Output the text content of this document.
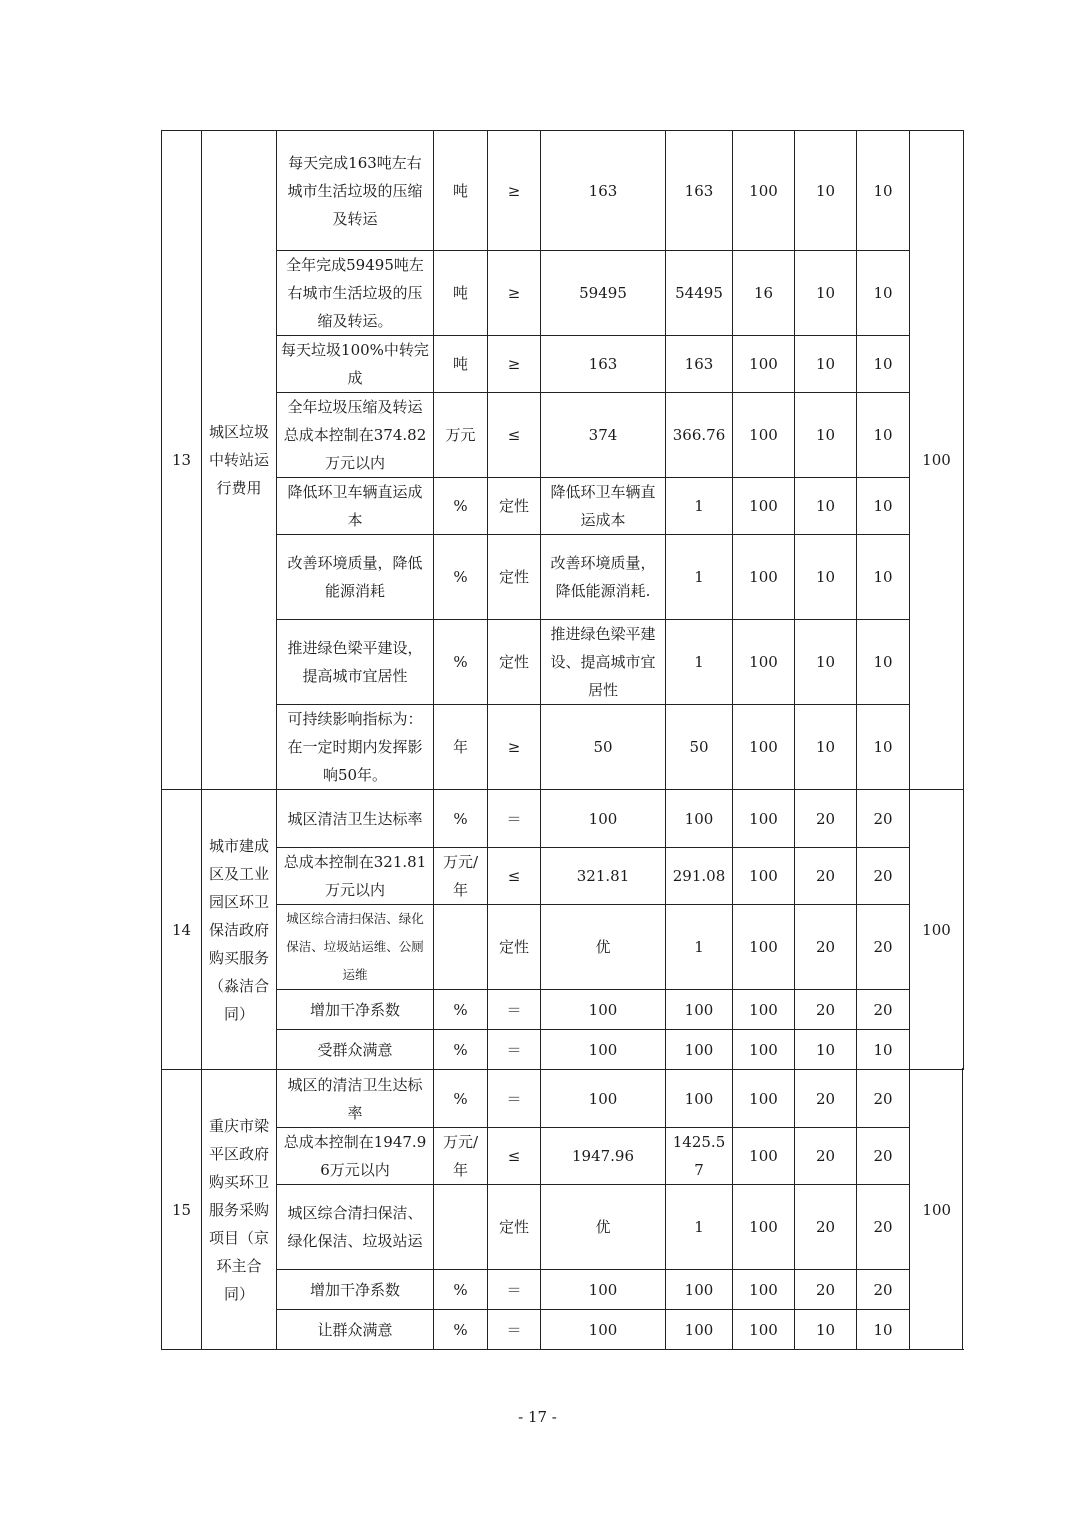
13	城区垃圾中转站运行费用	每天完成163吨左右城市生活垃圾的压缩及转运	吨	≥	163	163	100	10	10	100
		全年完成59495吨左右城市生活垃圾的压缩及转运。	吨	≥	59495	54495	16	10	10	
		每天垃圾100%中转完成	吨	≥	163	163	100	10	10	
		全年垃圾压缩及转运总成本控制在374.82万元以内	万元	≤	374	366.76	100	10	10	
		降低环卫车辆直运成本	%	定性	降低环卫车辆直运成本	1	100	10	10	
		改善环境质量，降低能源消耗	%	定性	改善环境质量，降低能源消耗.	1	100	10	10	
		推进绿色梁平建设，提高城市宜居性	%	定性	推进绿色梁平建设、提高城市宜居性	1	100	10	10	
		可持续影响指标为：在一定时期内发挥影响50年。	年	≥	50	50	100	10	10	
14	城市建成区及工业园区环卫保洁政府购买服务（淼洁合同）	城区清洁卫生达标率	%	＝	100	100	100	20	20	100
		总成本控制在321.81万元以内	万元/年	≤	321.81	291.08	100	20	20	
		城区综合清扫保洁、绿化保洁、垃圾站运维、公厕运维		定性	优	1	100	20	20	
		增加干净系数	%	＝	100	100	100	20	20	
		受群众满意	%	＝	100	100	100	10	10	
15	重庆市梁平区政府购买环卫服务采购项目（京环主合同）	城区的清洁卫生达标率	%	＝	100	100	100	20	20	100
		总成本控制在1947.96万元以内	万元/年	≤	1947.96	1425.57	100	20	20	
		城区综合清扫保洁、绿化保洁、垃圾站运		定性	优	1	100	20	20	
		增加干净系数	%	＝	100	100	100	20	20	
		让群众满意	%	＝	100	100	100	10	10	
- 17 -
